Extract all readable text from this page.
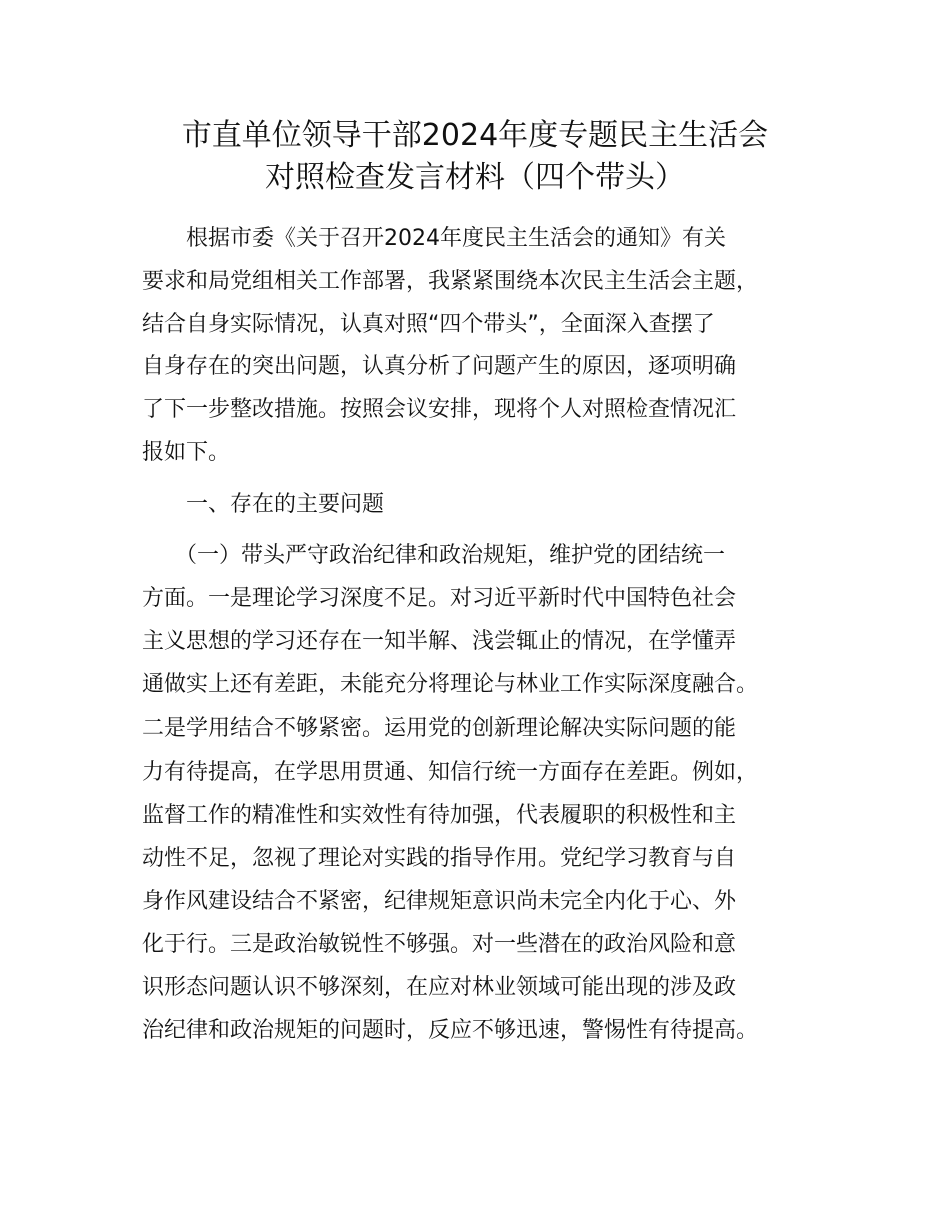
市直单位领导干部2024年度专题民主生活会
对照检查发言材料（四个带头）
　　根据市委《关于召开2024年度民主生活会的通知》有关
要求和局党组相关工作部署，我紧紧围绕本次民主生活会主题，
结合自身实际情况，认真对照“四个带头”，全面深入查摆了
自身存在的突出问题，认真分析了问题产生的原因，逐项明确
了下一步整改措施。按照会议安排，现将个人对照检查情况汇
报如下。
　　一、存在的主要问题
　　（一）带头严守政治纪律和政治规矩，维护党的团结统一
方面。一是理论学习深度不足。对习近平新时代中国特色社会
主义思想的学习还存在一知半解、浅尝辄止的情况，在学懂弄
通做实上还有差距，未能充分将理论与林业工作实际深度融合。
二是学用结合不够紧密。运用党的创新理论解决实际问题的能
力有待提高，在学思用贯通、知信行统一方面存在差距。例如，
监督工作的精准性和实效性有待加强，代表履职的积极性和主
动性不足，忽视了理论对实践的指导作用。党纪学习教育与自
身作风建设结合不紧密，纪律规矩意识尚未完全内化于心、外
化于行。三是政治敏锐性不够强。对一些潜在的政治风险和意
识形态问题认识不够深刻，在应对林业领域可能出现的涉及政
治纪律和政治规矩的问题时，反应不够迅速，警惕性有待提高。
